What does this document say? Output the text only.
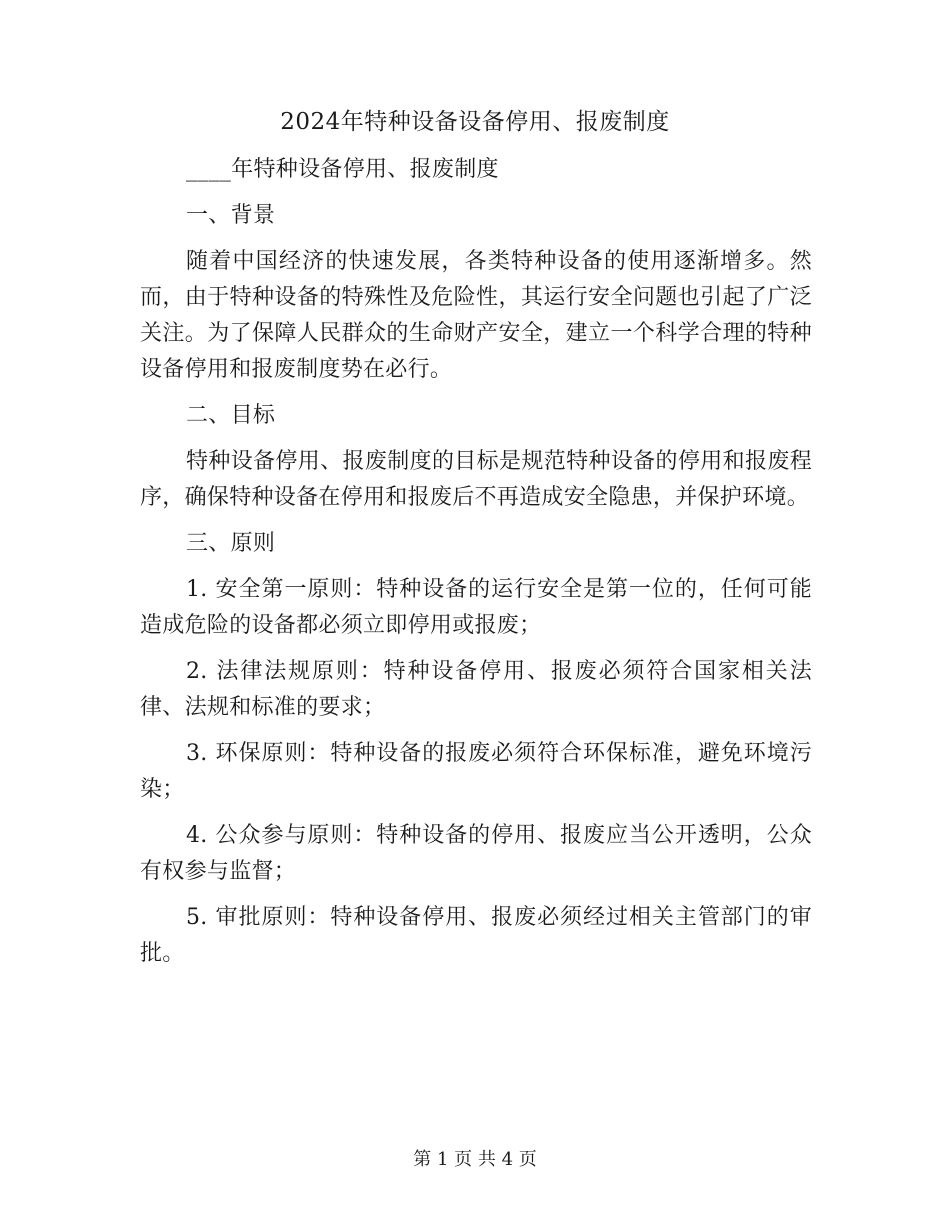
2024年特种设备设备停用、报废制度

____年特种设备停用、报废制度

一、背景

随着中国经济的快速发展，各类特种设备的使用逐渐增多。然而，由于特种设备的特殊性及危险性，其运行安全问题也引起了广泛关注。为了保障人民群众的生命财产安全，建立一个科学合理的特种设备停用和报废制度势在必行。

二、目标

特种设备停用、报废制度的目标是规范特种设备的停用和报废程序，确保特种设备在停用和报废后不再造成安全隐患，并保护环境。

三、原则

1. 安全第一原则：特种设备的运行安全是第一位的，任何可能造成危险的设备都必须立即停用或报废；

2. 法律法规原则：特种设备停用、报废必须符合国家相关法律、法规和标准的要求；

3. 环保原则：特种设备的报废必须符合环保标准，避免环境污染；

4. 公众参与原则：特种设备的停用、报废应当公开透明，公众有权参与监督；

5. 审批原则：特种设备停用、报废必须经过相关主管部门的审批。

第 1 页 共 4 页
